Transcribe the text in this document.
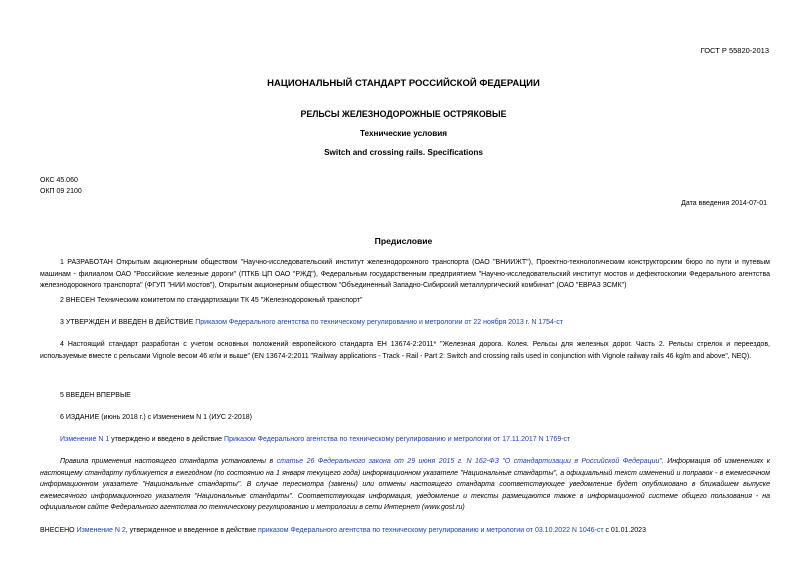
ГОСТ Р 55820-2013
НАЦИОНАЛЬНЫЙ СТАНДАРТ РОССИЙСКОЙ ФЕДЕРАЦИИ
РЕЛЬСЫ ЖЕЛЕЗНОДОРОЖНЫЕ ОСТРЯКОВЫЕ
Технические условия
Switch and crossing rails. Specifications
ОКС 45.060
ОКП 09 2100
Дата введения 2014-07-01
Предисловие
1 РАЗРАБОТАН Открытым акционерным обществом "Научно-исследовательский институт железнодорожного транспорта (ОАО "ВНИИЖТ"), Проектно-технологическим конструкторским бюро по пути и путевым машинам - филиалом ОАО "Российские железные дороги" (ПТКБ ЦП ОАО "РЖД"), Федеральным государственным предприятием "Научно-исследовательский институт мостов и дефектоскопии Федерального агентства железнодорожного транспорта" (ФГУП "НИИ мостов"), Открытым акционерным обществом "Объединенный Западно-Сибирский металлургический комбинат" (ОАО "ЕВРАЗ ЗСМК")
2 ВНЕСЕН Техническим комитетом по стандартизации ТК 45 "Железнодорожный транспорт"
3 УТВЕРЖДЕН И ВВЕДЕН В ДЕЙСТВИЕ Приказом Федерального агентства по техническому регулированию и метрологии от 22 ноября 2013 г. N 1754-ст
4 Настоящий стандарт разработан с учетом основных положений европейского стандарта ЕН 13674-2:2011* "Железная дорога. Колея. Рельсы для железных дорог. Часть 2. Рельсы стрелок и переездов, используемые вместе с рельсами Vignole весом 46 кг/м и выше" (EN 13674-2:2011 "Railway applications - Track - Rail - Part 2: Switch and crossing rails used in conjunction with Vignole railway rails 46 kg/m and above", NEQ).
5 ВВЕДЕН ВПЕРВЫЕ
6 ИЗДАНИЕ (июнь 2018 г.) с Изменением N 1 (ИУС 2-2018)
Изменение N 1 утверждено и введено в действие Приказом Федерального агентства по техническому регулированию и метрологии от 17.11.2017 N 1769-ст
Правила применения настоящего стандарта установлены в статье 26 Федерального закона от 29 июня 2015 г. N 162-ФЗ "О стандартизации в Российской Федерации". Информация об изменениях к настоящему стандарту публикуется в ежегодном (по состоянию на 1 января текущего года) информационном указателе "Национальные стандарты", а официальный текст изменений и поправок - в ежемесячном информационном указателе "Национальные стандарты". В случае пересмотра (замены) или отмены настоящего стандарта соответствующее уведомление будет опубликовано в ближайшем выпуске ежемесячного информационного указателя "Национальные стандарты". Соответствующая информация, уведомление и тексты размещаются также в информационной системе общего пользования - на официальном сайте Федерального агентства по техническому регулированию и метрологии в сети Интернет (www.gost.ru)
ВНЕСЕНО Изменение N 2, утвержденное и введенное в действие приказом Федерального агентства по техническому регулированию и метрологии от 03.10.2022 N 1046-ст с 01.01.2023
